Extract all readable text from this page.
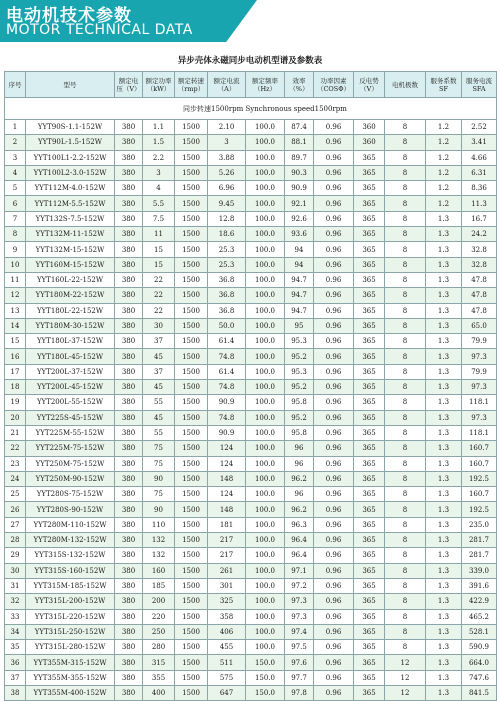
电动机技术参数
MOTOR TECHNICAL DATA
异步壳体永磁同步电动机型谱及参数表
序号	型号	额定电压（V）	额定功率（kW）	额定转速（rmp）	额定电流（A）	额定频率（Hz）	效率（%）	功率因素（COSΦ）	反电势（V）	电机极数	服务系数SF	服务电流SFA
同步转速1500rpm Synchronous speed1500rpm												
1	YYT90S-1.1-152W	380	1.1	1500	2.10	100.0	87.4	0.96	360	8	1.2	2.52
2	YYT90L-1.5-152W	380	1.5	1500	3	100.0	88.1	0.96	360	8	1.2	3.41
3	YYT100L1-2.2-152W	380	2.2	1500	3.88	100.0	89.7	0.96	365	8	1.2	4.66
4	YYT100L2-3.0-152W	380	3	1500	5.26	100.0	90.3	0.96	365	8	1.2	6.31
5	YYT112M-4.0-152W	380	4	1500	6.96	100.0	90.9	0.96	365	8	1.2	8.36
6	YYT112M-5.5-152W	380	5.5	1500	9.45	100.0	92.1	0.96	365	8	1.2	11.3
7	YYT132S-7.5-152W	380	7.5	1500	12.8	100.0	92.6	0.96	365	8	1.3	16.7
8	YYT132M-11-152W	380	11	1500	18.6	100.0	93.6	0.96	365	8	1.3	24.2
9	YYT132M-15-152W	380	15	1500	25.3	100.0	94	0.96	365	8	1.3	32.8
10	YYT160M-15-152W	380	15	1500	25.3	100.0	94	0.96	365	8	1.3	32.8
11	YYT160L-22-152W	380	22	1500	36.8	100.0	94.7	0.96	365	8	1.3	47.8
12	YYT180M-22-152W	380	22	1500	36.8	100.0	94.7	0.96	365	8	1.3	47.8
13	YYT180L-22-152W	380	22	1500	36.8	100.0	94.7	0.96	365	8	1.3	47.8
14	YYT180M-30-152W	380	30	1500	50.0	100.0	95	0.96	365	8	1.3	65.0
15	YYT180L-37-152W	380	37	1500	61.4	100.0	95.3	0.96	365	8	1.3	79.9
16	YYT180L-45-152W	380	45	1500	74.8	100.0	95.2	0.96	365	8	1.3	97.3
17	YYT200L-37-152W	380	37	1500	61.4	100.0	95.3	0.96	365	8	1.3	79.9
18	YYT200L-45-152W	380	45	1500	74.8	100.0	95.2	0.96	365	8	1.3	97.3
19	YYT200L-55-152W	380	55	1500	90.9	100.0	95.8	0.96	365	8	1.3	118.1
20	YYT225S-45-152W	380	45	1500	74.8	100.0	95.2	0.96	365	8	1.3	97.3
21	YYT225M-55-152W	380	55	1500	90.9	100.0	95.8	0.96	365	8	1.3	118.1
22	YYT225M-75-152W	380	75	1500	124	100.0	96	0.96	365	8	1.3	160.7
23	YYT250M-75-152W	380	75	1500	124	100.0	96	0.96	365	8	1.3	160.7
24	YYT250M-90-152W	380	90	1500	148	100.0	96.2	0.96	365	8	1.3	192.5
25	YYT280S-75-152W	380	75	1500	124	100.0	96	0.96	365	8	1.3	160.7
26	YYT280S-90-152W	380	90	1500	148	100.0	96.2	0.96	365	8	1.3	192.5
27	YYT280M-110-152W	380	110	1500	181	100.0	96.3	0.96	365	8	1.3	235.0
28	YYT280M-132-152W	380	132	1500	217	100.0	96.4	0.96	365	8	1.3	281.7
29	YYT315S-132-152W	380	132	1500	217	100.0	96.4	0.96	365	8	1.3	281.7
30	YYT315S-160-152W	380	160	1500	261	100.0	97.1	0.96	365	8	1.3	339.0
31	YYT315M-185-152W	380	185	1500	301	100.0	97.2	0.96	365	8	1.3	391.6
32	YYT315L-200-152W	380	200	1500	325	100.0	97.3	0.96	365	8	1.3	422.9
33	YYT315L-220-152W	380	220	1500	358	100.0	97.3	0.96	365	8	1.3	465.2
34	YYT315L-250-152W	380	250	1500	406	100.0	97.4	0.96	365	8	1.3	528.1
35	YYT315L-280-152W	380	280	1500	455	100.0	97.5	0.96	365	8	1.3	590.9
36	YYT355M-315-152W	380	315	1500	511	150.0	97.6	0.96	365	12	1.3	664.0
37	YYT355M-355-152W	380	355	1500	575	150.0	97.7	0.96	365	12	1.3	747.6
38	YYT355M-400-152W	380	400	1500	647	150.0	97.8	0.96	365	12	1.3	841.5
